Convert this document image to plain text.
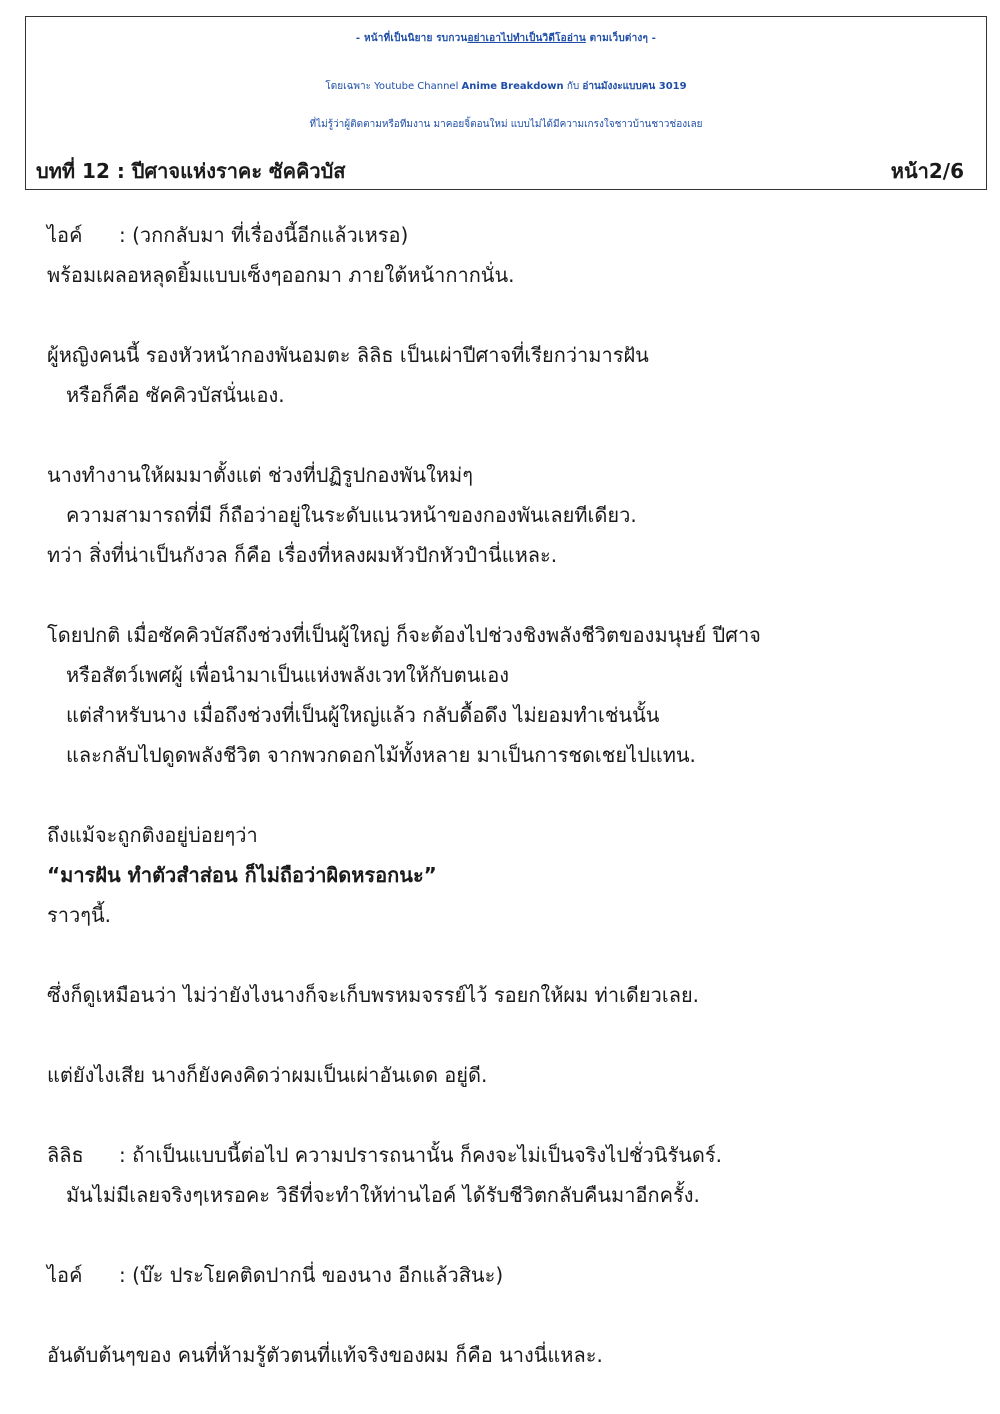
- หน้าที่เป็นนิยาย รบกวนอย่าเอาไปทำเป็นวิดีโออ่าน ตามเว็บต่างๆ -
โดยเฉพาะ Youtube Channel Anime Breakdown กับ อ่านมังงะแบบคน 3019
ที่ไม่รู้ว่าผู้ติดตามหรือทีมงาน มาคอยจิ้ตอนใหม่ แบบไม่ได้มีความเกรงใจชาวบ้านชาวช่องเลย
บทที่ 12 : ปีศาจแห่งราคะ ซัคคิวบัส	หน้า2/6
ไอค์ : (วกกลับมา ที่เรื่องนี้อีกแล้วเหรอ)
พร้อมเผลอหลุดยิ้มแบบเซ็งๆออกมา ภายใต้หน้ากากนั่น.
ผู้หญิงคนนี้ รองหัวหน้ากองพันอมตะ ลิลิธ เป็นเผ่าปีศาจที่เรียกว่ามารฝัน
หรือก็คือ ซัคคิวบัสนั่นเอง.
นางทำงานให้ผมมาตั้งแต่ ช่วงที่ปฏิรูปกองพันใหม่ๆ
ความสามารถที่มี ก็ถือว่าอยู่ในระดับแนวหน้าของกองพันเลยทีเดียว.
ทว่า สิ่งที่น่าเป็นกังวล ก็คือ เรื่องที่หลงผมหัวปักหัวปำนี่แหละ.
โดยปกติ เมื่อซัคคิวบัสถึงช่วงที่เป็นผู้ใหญ่ ก็จะต้องไปช่วงชิงพลังชีวิตของมนุษย์ ปีศาจ
หรือสัตว์เพศผู้ เพื่อนำมาเป็นแห่งพลังเวทให้กับตนเอง
แต่สำหรับนาง เมื่อถึงช่วงที่เป็นผู้ใหญ่แล้ว กลับดื้อดึง ไม่ยอมทำเช่นนั้น
และกลับไปดูดพลังชีวิต จากพวกดอกไม้ทั้งหลาย มาเป็นการชดเชยไปแทน.
ถึงแม้จะถูกติงอยู่บ่อยๆว่า
“มารฝัน ทำตัวสำส่อน ก็ไม่ถือว่าผิดหรอกนะ”
ราวๆนี้.
ซึ่งก็ดูเหมือนว่า ไม่ว่ายังไงนางก็จะเก็บพรหมจรรย์ไว้ รอยกให้ผม ท่าเดียวเลย.
แต่ยังไงเสีย นางก็ยังคงคิดว่าผมเป็นเผ่าอันเดด อยู่ดี.
ลิลิธ : ถ้าเป็นแบบนี้ต่อไป ความปรารถนานั้น ก็คงจะไม่เป็นจริงไปชั่วนิรันดร์.
มันไม่มีเลยจริงๆเหรอคะ วิธีที่จะทำให้ท่านไอค์ ได้รับชีวิตกลับคืนมาอีกครั้ง.
ไอค์ : (บ๊ะ ประโยคติดปากนี่ ของนาง อีกแล้วสินะ)
อันดับต้นๆของ คนที่ห้ามรู้ตัวตนที่แท้จริงของผม ก็คือ นางนี่แหละ.
